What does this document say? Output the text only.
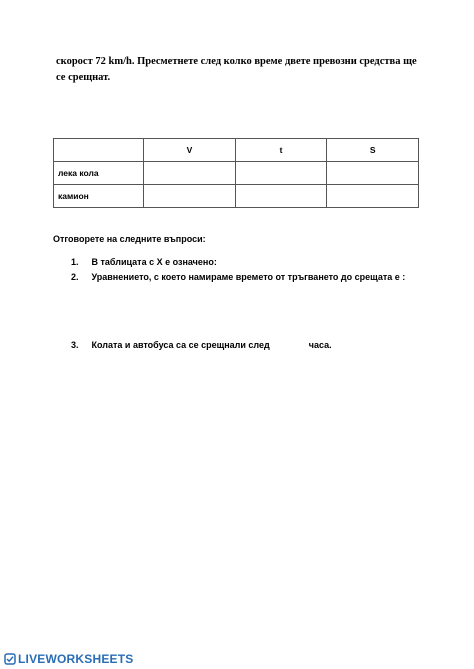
скорост 72 km/h. Пресметнете след колко време двете превозни средства ще
се срещнат.
	V	t	S
лека кола			
камион			
Отговорете на следните въпроси:
1. В таблицата с X е означено:
2. Уравнението, с което намираме времето от тръгването до срещата е :
3. Колата и автобуса са се срещнали след	часа.
LIVEWORKSHEETS
